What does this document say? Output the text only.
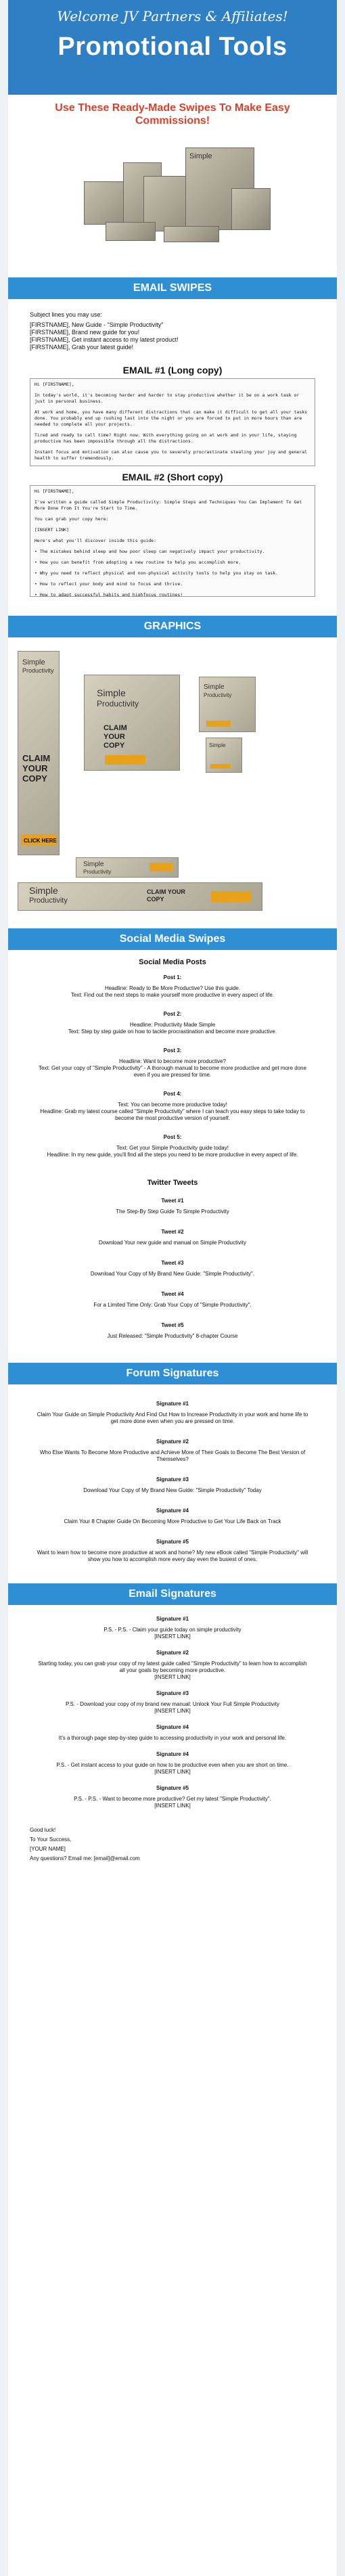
Welcome JV Partners & Affiliates!
Promotional Tools
Use These Ready-Made Swipes To Make Easy Commissions!
Simple
EMAIL SWIPES
Subject lines you may use:
[FIRSTNAME], New Guide - "Simple Productivity"
[FIRSTNAME], Brand new guide for you!
[FIRSTNAME], Get instant access to my latest product!
[FIRSTNAME], Grab your latest guide!
EMAIL #1 (Long copy)

Hi [FIRSTNAME],

In today's world, it's becoming harder and harder to stay productive whether it be on a work task or just in personal business.

At work and home, you have many different distractions that can make it difficult to get all your tasks done. You probably end up rushing last into the night or you are forced to put in more hours than are needed to complete all your projects.

Tired and ready to call time? Right now. With everything going on at work and in your life, staying productive has been impossible through all the distractions.

Instant focus and motivation can also cause you to severely procrastinate stealing your joy and general health to suffer tremendously.

EMAIL #2 (Short copy)

Hi [FIRSTNAME],

I've written a guide called Simple Productivity: Simple Steps and Techniques You Can Implement To Get More Done From It You're Start to Time.

You can grab your copy here:

[INSERT LINK]

Here's what you'll discover inside this guide:

• The mistakes behind sleep and how poor sleep can negatively impact your productivity.

• How you can benefit from adopting a new routine to help you accomplish more.

• Why you need to reflect physical and non-physical activity tools to help you stay on task.

• How to reflect your body and mind to focus and thrive.

• How to adapt successful habits and highfocus routines!

GRAPHICS
Simple
Productivity
CLAIM YOUR COPY
CLICK HERE
Simple
Productivity
CLAIM YOUR COPY
Simple
Productivity
Simple
Simple
Productivity
Simple
Productivity
CLAIM YOUR COPY
Social Media Swipes
Social Media Posts
Post 1:
Headline: Ready to Be More Productive? Use this guide.
Text: Find out the next steps to make yourself more productive in every aspect of life.
Post 2:
Headline: Productivity Made Simple
Text: Step by step guide on how to tackle procrastination and become more productive.
Post 3:
Headline: Want to become more productive?
Text: Get your copy of "Simple Productivity" - A thorough manual to become more productive and get more done even if you are pressed for time.
Post 4:
Text: You can become more productive today!
Headline: Grab my latest course called "Simple Productivity" where I can teach you easy steps to take today to become the most productive version of yourself.
Post 5:
Text: Get your Simple Productivity guide today!
Headline: In my new guide, you'll find all the steps you need to be more productive in every aspect of life.
Twitter Tweets
Tweet #1
The Step-By Step Guide To Simple Productivity
Tweet #2
Download Your new guide and manual on Simple Productivity
Tweet #3
Download Your Copy of My Brand New Guide: "Simple Productivity".
Tweet #4
For a Limited Time Only: Grab Your Copy of "Simple Productivity".
Tweet #5
Just Released: "Simple Productivity" 8-chapter Course
Forum Signatures
Signature #1
Claim Your Guide on Simple Productivity And Find Out How to Increase Productivity in your work and home life to get more done even when you are pressed on time.
Signature #2
Who Else Wants To Become More Productive and Achieve More of Their Goals to Become The Best Version of Themselves?
Signature #3
Download Your Copy of My Brand New Guide: "Simple Productivity" Today
Signature #4
Claim Your 8 Chapter Guide On Becoming More Productive to Get Your Life Back on Track
Signature #5
Want to learn how to become more productive at work and home? My new eBook called "Simple Productivity" will show you how to accomplish more every day even the busiest of ones.
Email Signatures
Signature #1
P.S. - P.S. - Claim your guide today on simple productivity
[INSERT LINK]
Signature #2
Starting today, you can grab your copy of my latest guide called "Simple Productivity" to learn how to accomplish all your goals by becoming more productive.
[INSERT LINK]
Signature #3
P.S. - Download your copy of my brand new manual: Unlock Your Full Simple Productivity
[INSERT LINK]
Signature #4
It's a thorough page step-by-step guide to accessing productivity in your work and personal life.
Signature #4
P.S. - Get instant access to your guide on how to be productive even when you are short on time.
[INSERT LINK]
Signature #5
P.S. - P.S. - Want to become more productive? Get my latest "Simple Productivity".
[INSERT LINK]
Good luck!
To Your Success,
[YOUR NAME]
Any questions? Email me: [email]@email.com
